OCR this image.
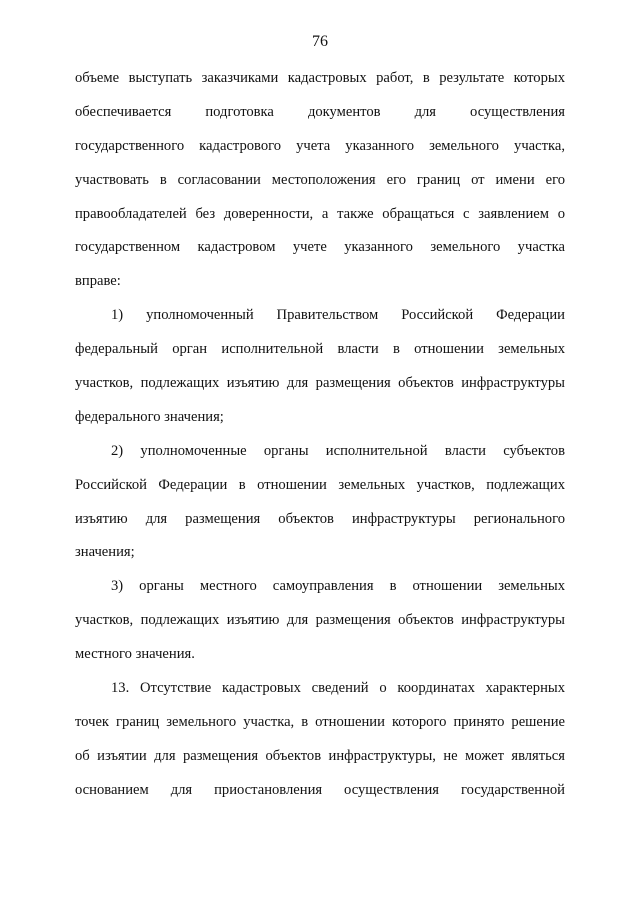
76
объеме выступать заказчиками кадастровых работ, в результате которых
обеспечивается подготовка документов для осуществления
государственного кадастрового учета указанного земельного участка,
участвовать в согласовании местоположения его границ от имени его
правообладателей без доверенности, а также обращаться с заявлением о
государственном кадастровом учете указанного земельного участка
вправе:
1) уполномоченный Правительством Российской Федерации
федеральный орган исполнительной власти в отношении земельных
участков, подлежащих изъятию для размещения объектов инфраструктуры
федерального значения;
2) уполномоченные органы исполнительной власти субъектов
Российской Федерации в отношении земельных участков, подлежащих
изъятию для размещения объектов инфраструктуры регионального
значения;
3) органы местного самоуправления в отношении земельных
участков, подлежащих изъятию для размещения объектов инфраструктуры
местного значения.
13. Отсутствие кадастровых сведений о координатах характерных
точек границ земельного участка, в отношении которого принято решение
об изъятии для размещения объектов инфраструктуры, не может являться
основанием для приостановления осуществления государственной
